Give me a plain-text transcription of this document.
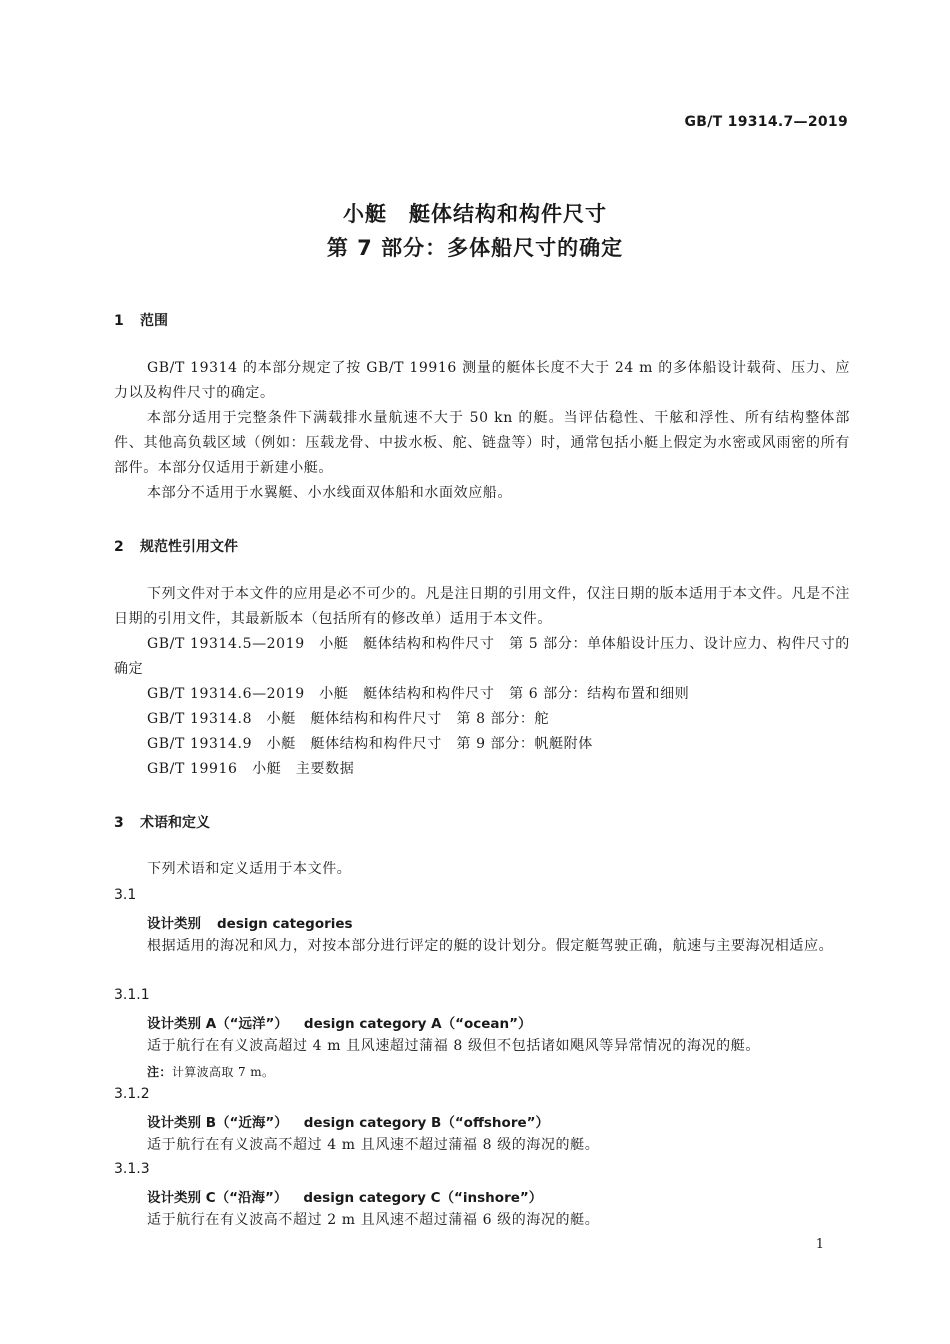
GB/T 19314.7—2019
小艇　艇体结构和构件尺寸
第 7 部分：多体船尺寸的确定
1 范围
GB/T 19314 的本部分规定了按 GB/T 19916 测量的艇体长度不大于 24 m 的多体船设计载荷、压力、应力以及构件尺寸的确定。
本部分适用于完整条件下满载排水量航速不大于 50 kn 的艇。当评估稳性、干舷和浮性、所有结构整体部件、其他高负载区域（例如：压载龙骨、中拔水板、舵、链盘等）时，通常包括小艇上假定为水密或风雨密的所有部件。本部分仅适用于新建小艇。
本部分不适用于水翼艇、小水线面双体船和水面效应船。
2 规范性引用文件
下列文件对于本文件的应用是必不可少的。凡是注日期的引用文件，仅注日期的版本适用于本文件。凡是不注日期的引用文件，其最新版本（包括所有的修改单）适用于本文件。
GB/T 19314.5—2019　小艇　艇体结构和构件尺寸　第 5 部分：单体船设计压力、设计应力、构件尺寸的确定
GB/T 19314.6—2019　小艇　艇体结构和构件尺寸　第 6 部分：结构布置和细则
GB/T 19314.8　小艇　艇体结构和构件尺寸　第 8 部分：舵
GB/T 19314.9　小艇　艇体结构和构件尺寸　第 9 部分：帆艇附体
GB/T 19916　小艇　主要数据
3 术语和定义
下列术语和定义适用于本文件。
3.1
设计类别 design categories
根据适用的海况和风力，对按本部分进行评定的艇的设计划分。假定艇驾驶正确，航速与主要海况相适应。
3.1.1
设计类别 A（“远洋”） design category A（“ocean”）
适于航行在有义波高超过 4 m 且风速超过蒲福 8 级但不包括诸如飓风等异常情况的海况的艇。
注：计算波高取 7 m。
3.1.2
设计类别 B（“近海”） design category B（“offshore”）
适于航行在有义波高不超过 4 m 且风速不超过蒲福 8 级的海况的艇。
3.1.3
设计类别 C（“沿海”） design category C（“inshore”）
适于航行在有义波高不超过 2 m 且风速不超过蒲福 6 级的海况的艇。
1
